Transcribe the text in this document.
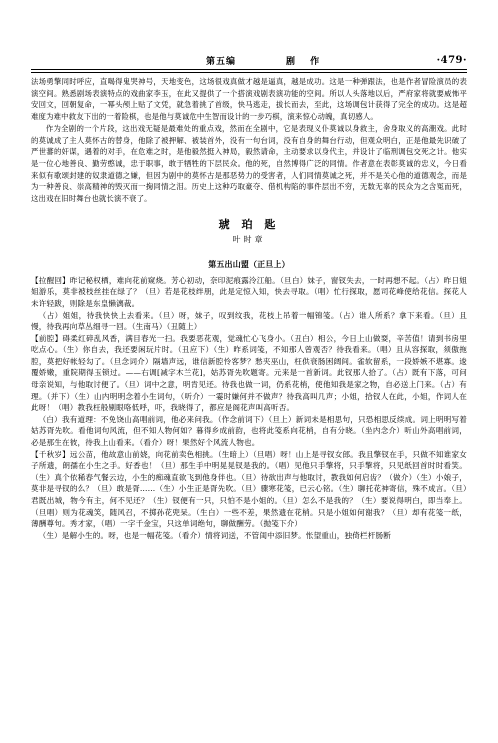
第五编	剧 作	·479·

法场勇擎同时呼应，直喝得鬼哭神号，天地变色，这场很戏真做才越是逼真，越是成功。这是一种弹跟法，也是作者冒险演员的表演空间。熟悉剧场表演特点的戏曲家李玉，在此又提供了一个搭演戏剧表演功能的空间。所以人头落地以后，严府家将就要威怖平安回文，回朝复命，一幂头颅上贴了文凭，就急着挑了首级，快马逃走，拔长而去，至此，这场调包计获得了完全的成功。这是超难度为难中救友下出的一着险棋，也是他与莫诚危中生智而设计的一步巧棋，演来惊心动魄，真切感人。

作为全剧的一个片段，这出戏无疑是最难处的重点戏，然而在全剧中，它是表现义仆莫诚以身救主，舍身取义的高潮戏。此时的莫诚成了主人莫怀古的替身，他除了被押解、被装首外，没有一句台词，没有自身的舞台行动，但观众明白，正是他最先识破了严世蕃的奸谋，遇着的对手，在危难之时，是他毅然挺入神局，毅然请命，主动要求以身代主，并设计了临刑调包交死之计。他实是一位心地善良、勤劳憨诚，忠于职事，敢于牺牲的下层民众。他的死，自然博得广泛的同情。作者意在表彰莫诚的忠义，今日看来似有歌颂封建的奴隶道德之嫌，但因为剧中的莫怀古是那恶势力的受害者，人们同情莫诚之死，并不是关心他的道德观念，而是为一种善良、崇高精神的毁灭而一掬同情之泪。历史上这种巧取豪夺、借机构陷的事件层出不穷，无数无辜的民众为之含冤而死，这出戏在旧时舞台也就长演不衰了。

琥 珀 匙
叶时章
第五出山盟（正旦上）

【拉醒回】昨记秘权栖，难向花前窥烧。芳心初动，奈印泥痕露泠江船。（旦白）妹子，窗钗失去，一时再想不起。（占）昨日姐姐游乐，莫非被枝丝挂在绿了？（旦）若是花枝绊朋，此是定惊入知，快去寻取。（唱）忙行探取，愿司花峰使给花信。探花人未许轻跋，则除是东皇懒漓裁。

（占）姐姐，待我快快上去看来。（旦）呀，妹子，叹到纹我，花枝上吊着一幅锦笺。（占）谁人所系？拿下来看。（旦）且慢，待我再向草丛细寻一回。（生南马）（丑随上）

【前腔】碍柔红碎乱风香，满目春光一扫。我要恶花观，觉魂忙心飞身小。（丑白）相公，今日上山做耍，辛苦值！请到书房里吃点心。（生）你自去，我还要闲玩片时。（丑应下）（生）昨系词笺，不知那人曾观否？待我看来。（唱）且从容探取，须傲拖腔，莫把好帐轻勾了。（旦念词介）隔墙声远，谁信新腔怜客梦？愁夹巫山，枉供衰肠困阔间。雀软留系，一段娇嫉不堪寡。逡覆娇嫩，重院期得玉锁过。——右调[减字木兰花]，姑苏胥先吹题寄。元来是一首新词。此钗那人拾了。（占）既有下落，可问母亲说知，与他取讨便了。（旦）词中之意，明肯见还。待我也做一词，仍系花梢，使他知我是家之物，自必送上门来。（占）有理。（并下）（生）山内明明念着小生词句，（听介）一霎时嫌何并不做声？待我高叫几声；小姐，拾钗人在此，小姐，作词人在此呀！（唱）教我枉般剔眼咯低呼，吓，我晓得了，都应是阁花声叫高听否。

（白）我有道理：不免饶山高唱前词，他必来问我。（作念前词下）（旦上）新词未是相思句，只恐相思反续成。词上明明写着姑苏胥先吹。看他词句风流，但不知人物何如？暮得乡成前韵，也将此笺系向花梢，自有分晓。（坐内念介）听山外高唱前词，必是那生在彼，待我上山看来。（看介）呀！果然好个风流人物也。

【千秋岁】远公苗，他故意山前娆，向花前卖色相挑。（生暗上）（旦唱）呀！山上是寻钗女郎。我且擎钗在手，只做不知谁家女子所遗，朗孺在小生之手。好香也！（旦）那生手中明晃晃钗是我的。（唱）见他只手擎将，只手擎将，只见纸回首时时看笑。（生）真个依稀春气餐云边，小生的痴魂直欲飞到他身伴也。（旦）待欲出声与他取讨，教我如何启齿？（做介）（生）小娘子，莫非是寻钗的么？（旦）敢是胥……（生）小生正是胥先吹。（旦）骤寒花笺，已云心铭。（生）聊托花神寄信，殊不成言。（旦）君既出城，物今有主，何不见还？（生）钗便有一只，只怕不是小姐的。（旦）怎么不是我的？（生）要说得明白，即当奉上。（旦唱）则为花魂笑，随风召，不掷孙花兜呆。（生白）一些不差，果然遗在花梢。只是小姐如何谢我？（旦）却有花笺一纸，薄酬尊句。秀才家，（唱）一字千金宝，只这单词绝句，聊做酬劳。（抛笺下介）

（生）是解小生的。呀，也是一幅花笺。（看介）情将词送，不管闺中添旧梦。怅望重山，独倚栏杆肠断
